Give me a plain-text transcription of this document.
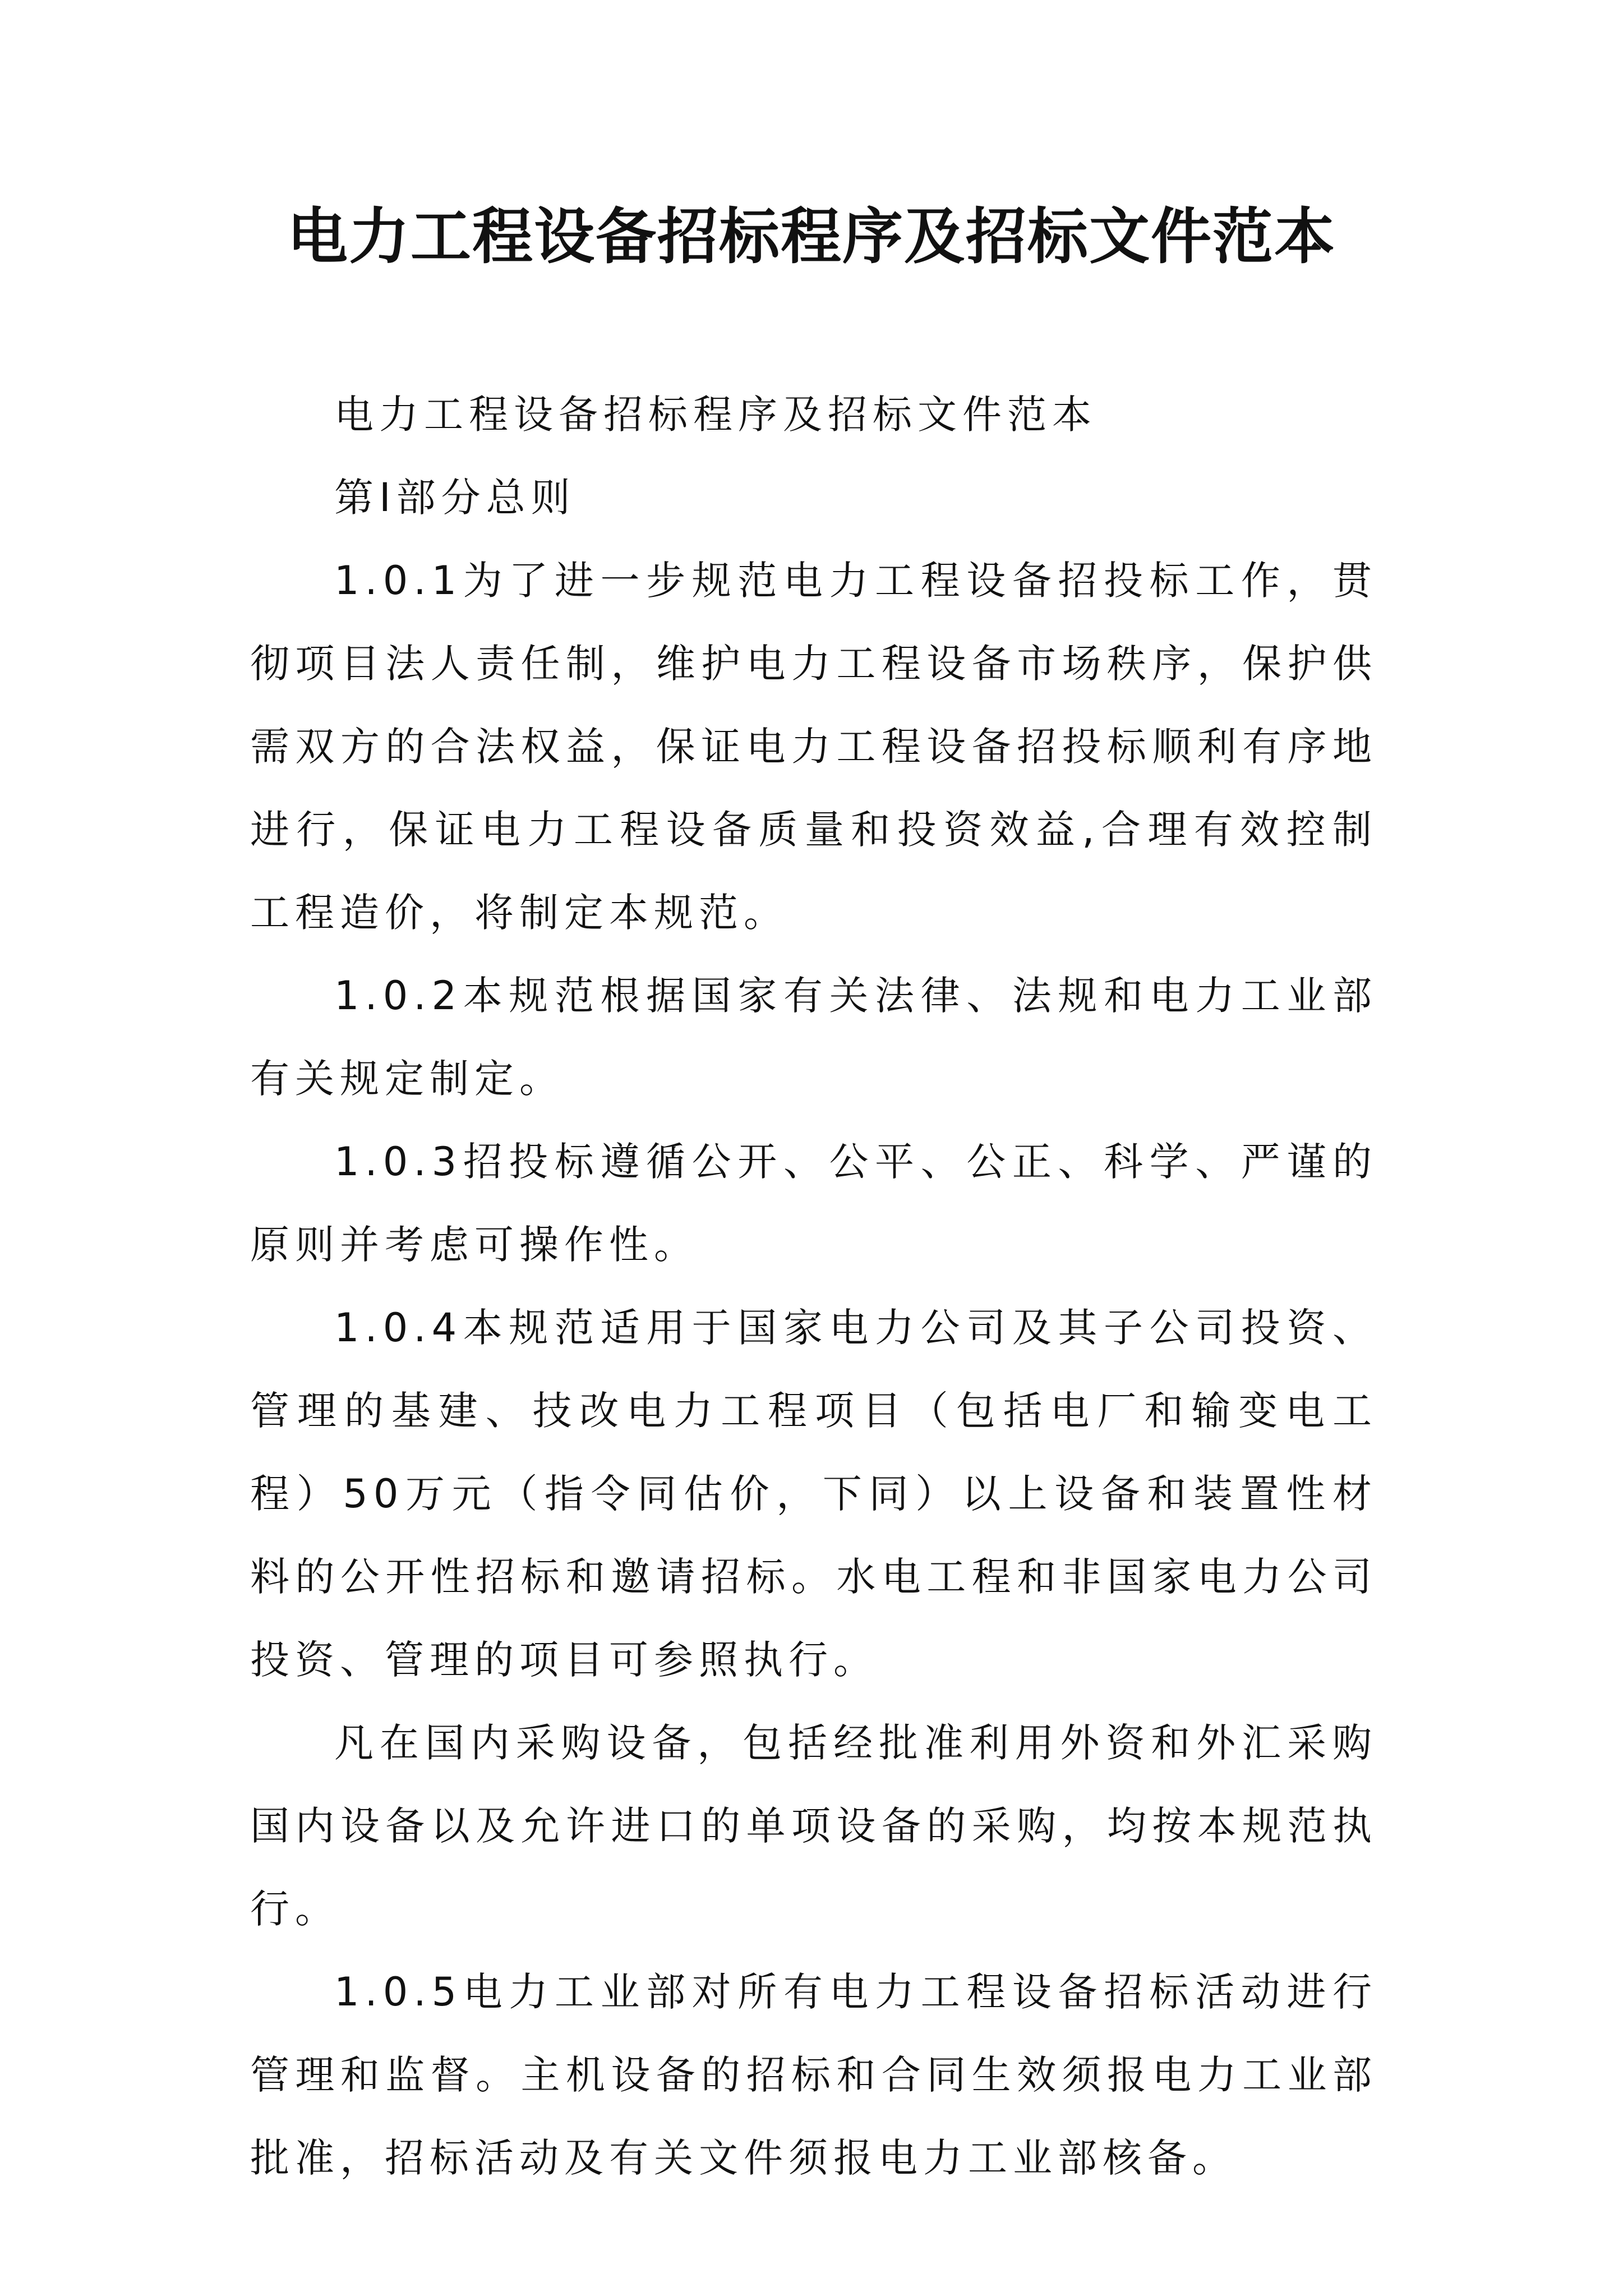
电力工程设备招标程序及招标文件范本

电力工程设备招标程序及招标文件范本

第Ⅰ部分总则

1.0.1为了进一步规范电力工程设备招投标工作，贯彻项目法人责任制，维护电力工程设备市场秩序，保护供需双方的合法权益，保证电力工程设备招投标顺利有序地进行，保证电力工程设备质量和投资效益,合理有效控制工程造价，将制定本规范。

1.0.2本规范根据国家有关法律、法规和电力工业部有关规定制定。

1.0.3招投标遵循公开、公平、公正、科学、严谨的原则并考虑可操作性。

1.0.4本规范适用于国家电力公司及其子公司投资、管理的基建、技改电力工程项目（包括电厂和输变电工程）50万元（指令同估价，下同）以上设备和装置性材料的公开性招标和邀请招标。水电工程和非国家电力公司投资、管理的项目可参照执行。

凡在国内采购设备，包括经批准利用外资和外汇采购国内设备以及允许进口的单项设备的采购，均按本规范执行。

1.0.5电力工业部对所有电力工程设备招标活动进行管理和监督。主机设备的招标和合同生效须报电力工业部批准，招标活动及有关文件须报电力工业部核备。
